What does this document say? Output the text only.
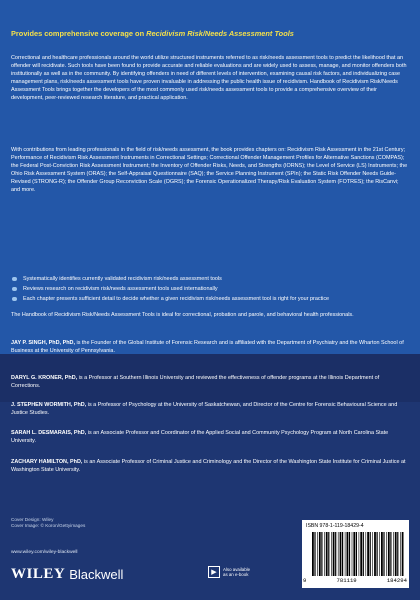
Provides comprehensive coverage on Recidivism Risk/Needs Assessment Tools
Correctional and healthcare professionals around the world utilize structured instruments referred to as risk/needs assessment tools to predict the likelihood that an offender will recidivate. Such tools have been found to provide accurate and reliable evaluations and are widely used to assess, manage, and monitor offenders both institutionally as well as in the community. By identifying offenders in need of different levels of intervention, examining causal risk factors, and individualizing case management plans, risk/needs assessment tools have proven invaluable in addressing the public health issue of recidivism. Handbook of Recidivism Risk/Needs Assessment Tools brings together the developers of the most commonly used risk/needs assessment tools to provide a comprehensive overview of their development, peer-reviewed research literature, and practical application.
With contributions from leading professionals in the field of risk/needs assessment, the book provides chapters on: Recidivism Risk Assessment in the 21st Century; Performance of Recidivism Risk Assessment Instruments in Correctional Settings; Correctional Offender Management Profiles for Alternative Sanctions (COMPAS); the Federal Post-Conviction Risk Assessment Instrument; the Inventory of Offender Risks, Needs, and Strengths (IORNS); the Level of Service (LS) Instruments; the Ohio Risk Assessment System (ORAS); the Self-Appraisal Questionnaire (SAQ); the Service Planning Instrument (SPIn); the Static Risk Offender Needs Guide-Revised (STRONG-R); the Offender Group Reconviction Scale (OGRS); the Forensic Operationalized Therapy/Risk Evaluation System (FOTRES); the RisCanvi; and more.
Systematically identifies currently validated recidivism risk/needs assessment tools
Reviews research on recidivism risk/needs assessment tools used internationally
Each chapter presents sufficient detail to decide whether a given recidivism risk/needs assessment tool is right for your practice
The Handbook of Recidivism Risk/Needs Assessment Tools is ideal for correctional, probation and parole, and behavioral health professionals.
JAY P. SINGH, PhD, PhD, is the Founder of the Global Institute of Forensic Research and is affiliated with the Department of Psychiatry and the Wharton School of Business at the University of Pennsylvania.
DARYL G. KRONER, PhD, is a Professor at Southern Illinois University and reviewed the effectiveness of offender programs at the Illinois Department of Corrections.
J. STEPHEN WORMITH, PhD, is a Professor of Psychology at the University of Saskatchewan, and Director of the Centre for Forensic Behavioural Science and Justice Studies.
SARAH L. DESMARAIS, PhD, is an Associate Professor and Coordinator of the Applied Social and Community Psychology Program at North Carolina State University.
ZACHARY HAMILTON, PhD, is an Associate Professor of Criminal Justice and Criminology and the Director of the Washington State Institute for Criminal Justice at Washington State University.
Cover Design: Wiley
Cover Image: © Koron/Gettyimages
www.wiley.com/wiley-blackwell
WILEY Blackwell	▶	Also available
as an e-book
ISBN 978-1-119-18429-4
9	781119	184294
